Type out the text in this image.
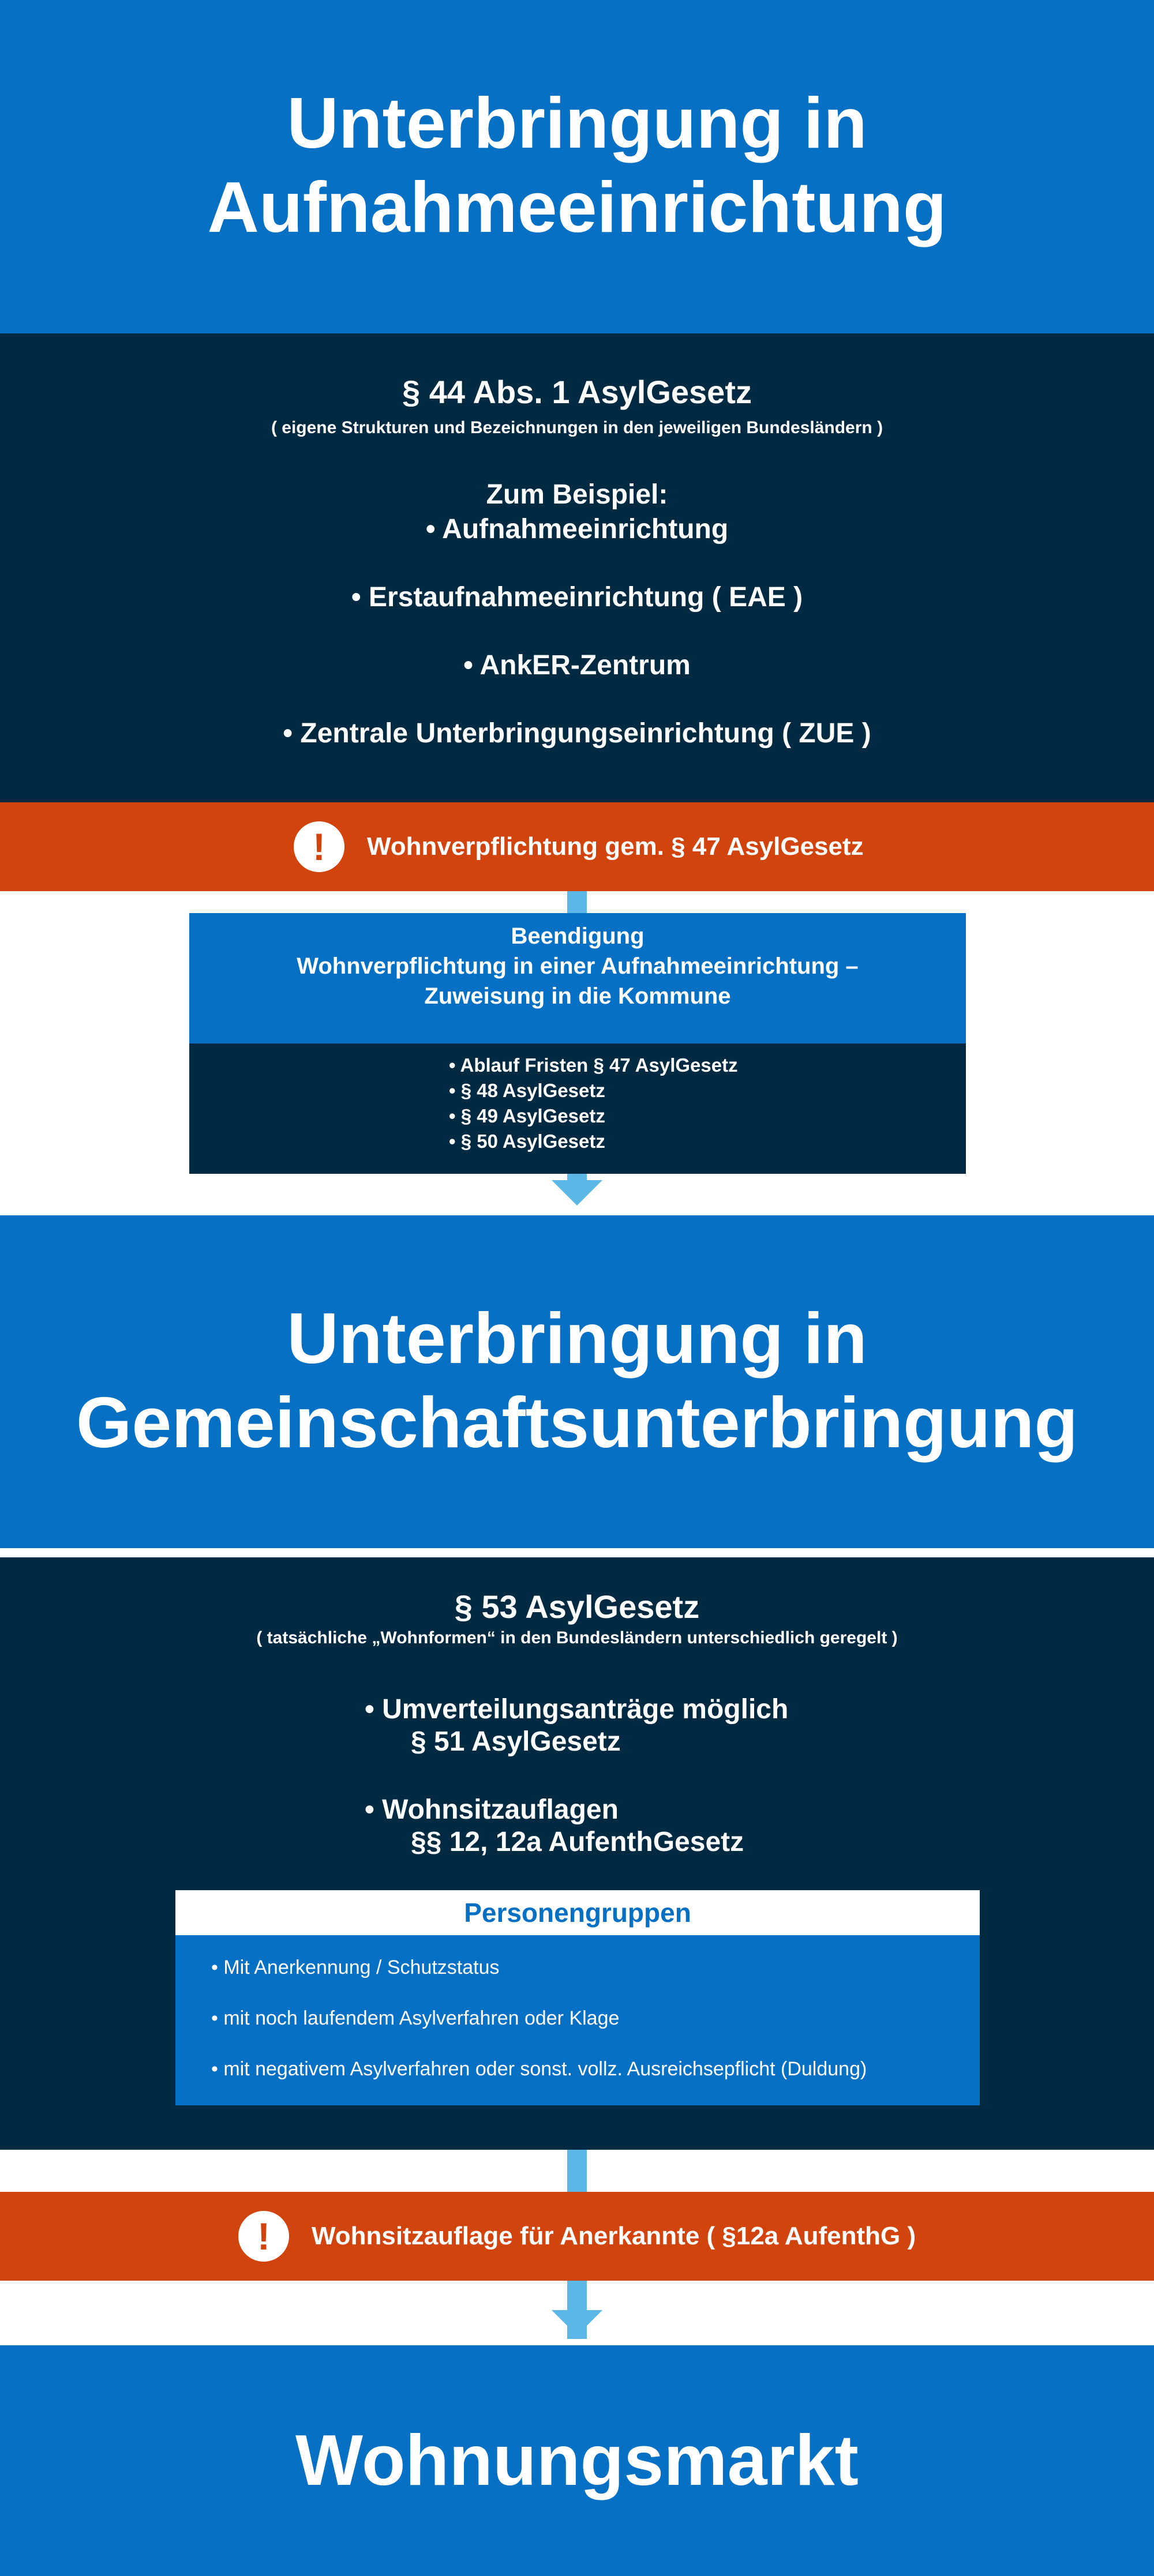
Unterbringung in
Aufnahmeeinrichtung
§ 44 Abs. 1 AsylGesetz
( eigene Strukturen und Bezeichnungen in den jeweiligen Bundesländern )
Zum Beispiel:
• Aufnahmeeinrichtung
• Erstaufnahmeeinrichtung ( EAE )
• AnkER-Zentrum
• Zentrale Unterbringungseinrichtung ( ZUE )
!	Wohnverpflichtung gem. § 47 AsylGesetz
Beendigung
Wohnverpflichtung in einer Aufnahmeeinrichtung –
Zuweisung in die Kommune
• Ablauf Fristen § 47 AsylGesetz
• § 48 AsylGesetz
• § 49 AsylGesetz
• § 50 AsylGesetz
Unterbringung in
Gemeinschaftsunterbringung
§ 53 AsylGesetz
( tatsächliche „Wohnformen“ in den Bundesländern unterschiedlich geregelt )
• Umverteilungsanträge möglich
§ 51 AsylGesetz
• Wohnsitzauflagen
§§ 12, 12a AufenthGesetz
Personengruppen
• Mit Anerkennung / Schutzstatus
• mit noch laufendem Asylverfahren oder Klage
• mit negativem Asylverfahren oder sonst. vollz. Ausreichsepflicht (Duldung)
!	Wohnsitzauflage für Anerkannte ( §12a AufenthG )
Wohnungsmarkt
